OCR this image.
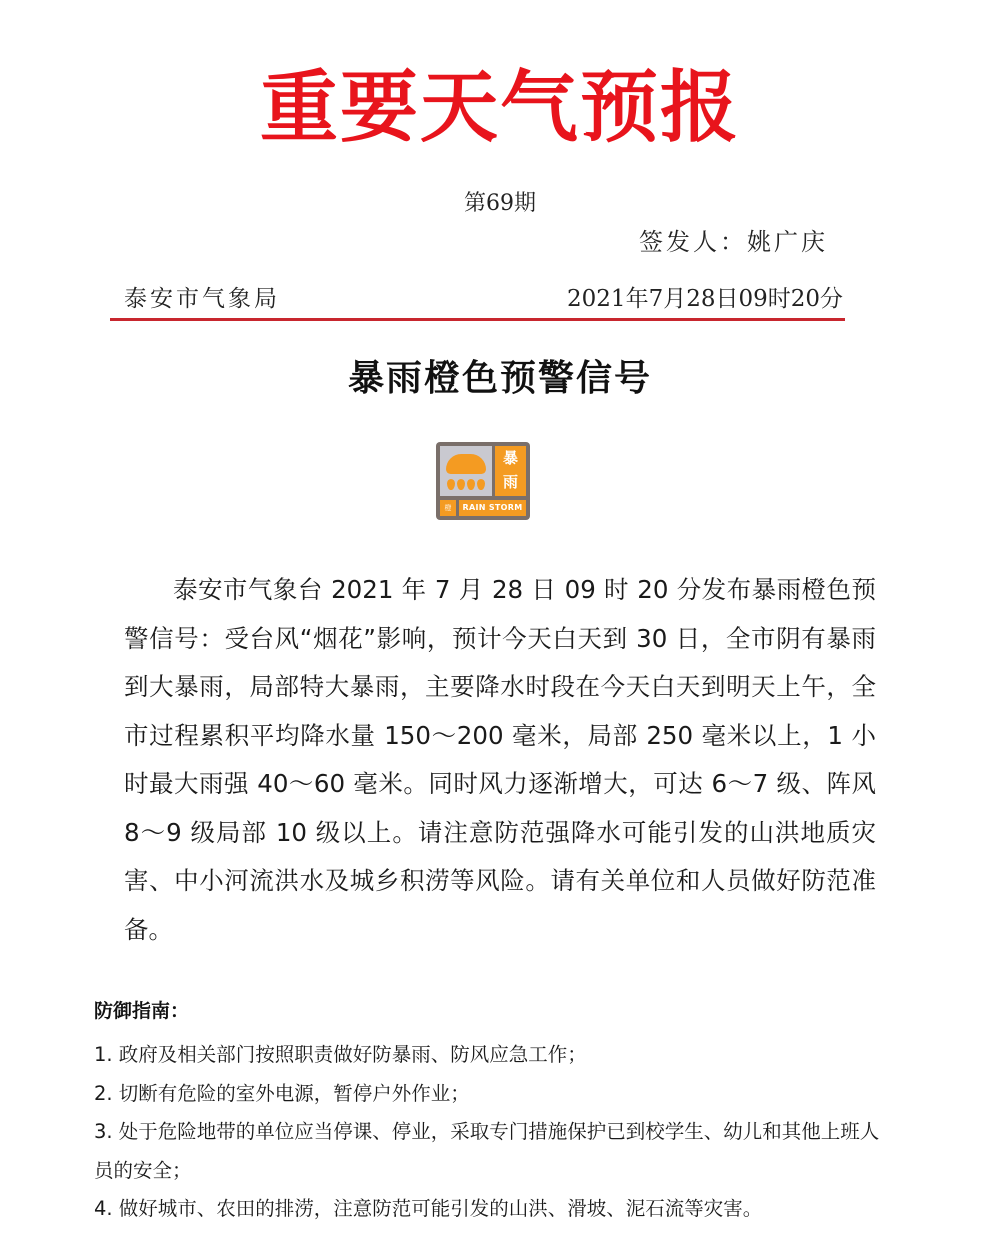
重要天气预报
第69期
签发人：姚广庆
泰安市气象局	2021年7月28日09时20分
暴雨橙色预警信号
暴
雨
橙	RAIN STORM
泰安市气象台 2021 年 7 月 28 日 09 时 20 分发布暴雨橙色预警信号：受台风“烟花”影响，预计今天白天到 30 日，全市阴有暴雨到大暴雨，局部特大暴雨，主要降水时段在今天白天到明天上午，全市过程累积平均降水量 150～200 毫米，局部 250 毫米以上，1 小时最大雨强 40～60 毫米。同时风力逐渐增大，可达 6～7 级、阵风 8～9 级局部 10 级以上。请注意防范强降水可能引发的山洪地质灾害、中小河流洪水及城乡积涝等风险。请有关单位和人员做好防范准备。
防御指南：
1. 政府及相关部门按照职责做好防暴雨、防风应急工作；
2. 切断有危险的室外电源，暂停户外作业；
3. 处于危险地带的单位应当停课、停业，采取专门措施保护已到校学生、幼儿和其他上班人员的安全；
4. 做好城市、农田的排涝，注意防范可能引发的山洪、滑坡、泥石流等灾害。
